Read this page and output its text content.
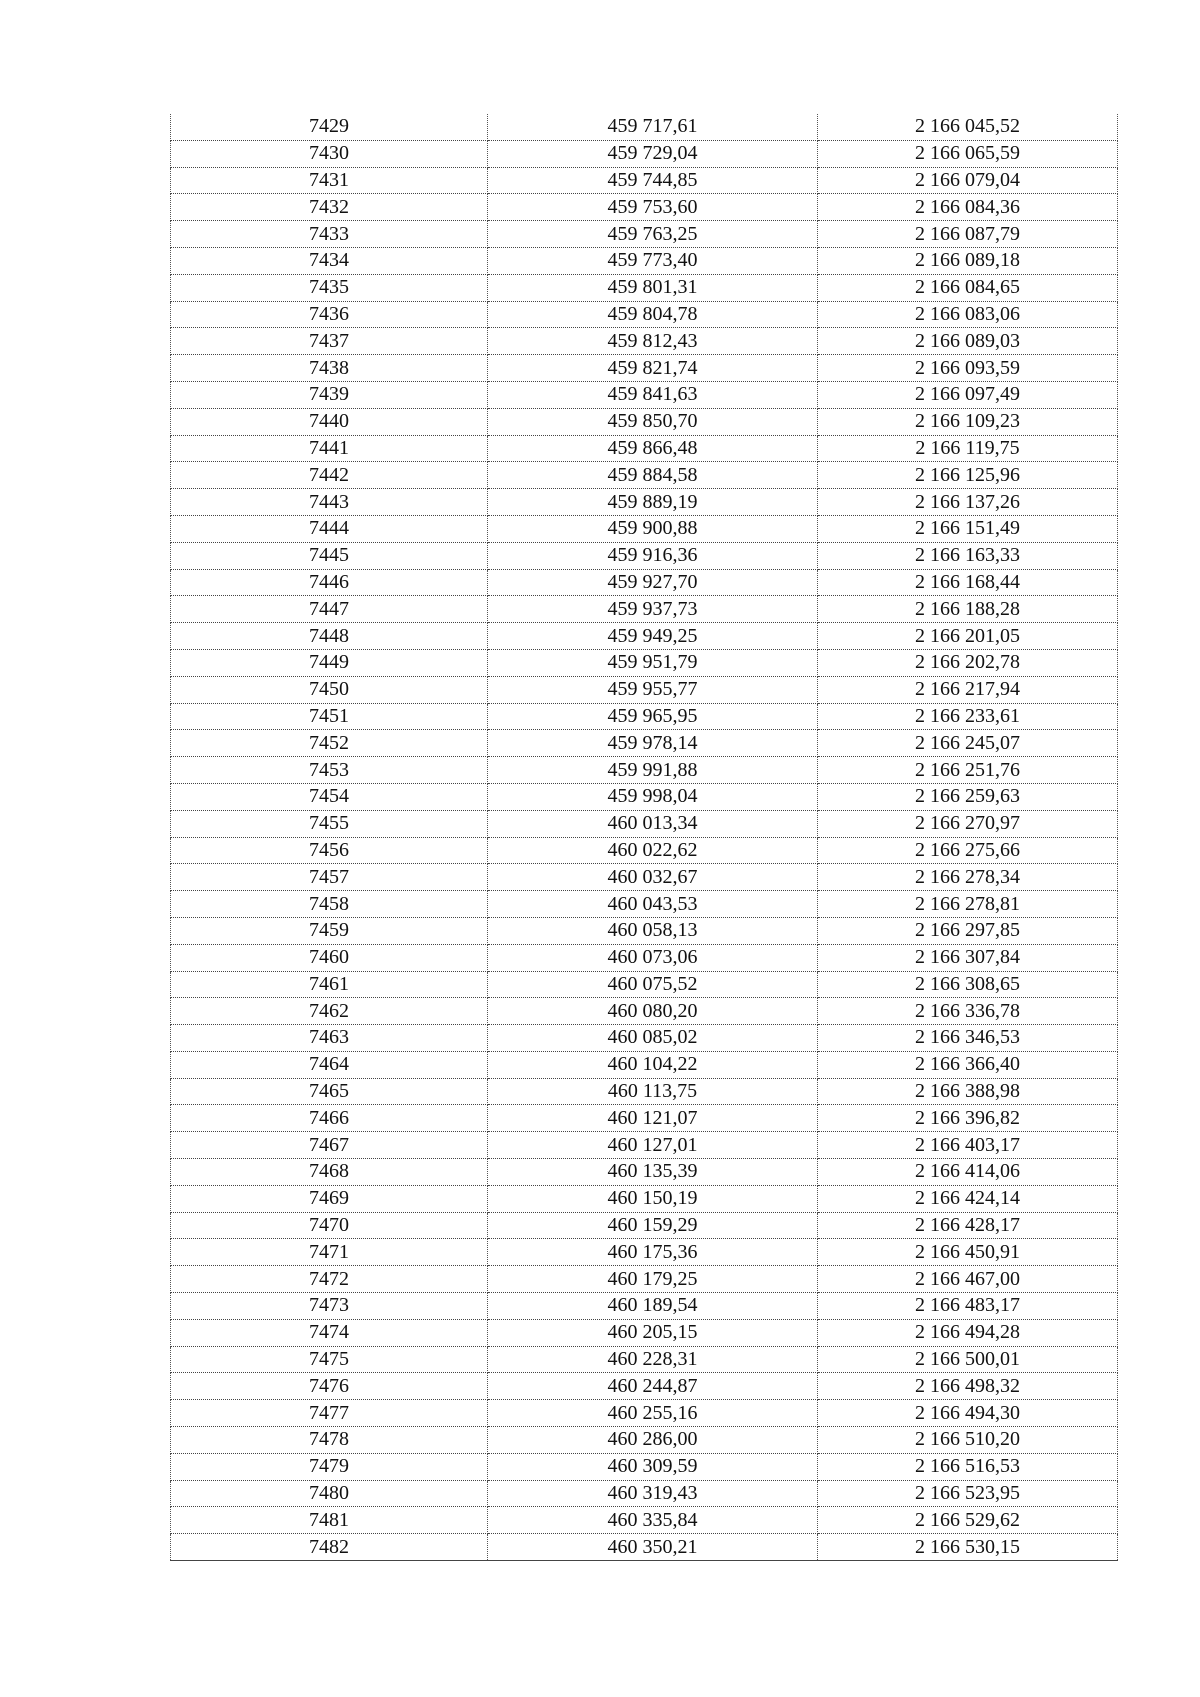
7429	459 717,61	2 166 045,52
7430	459 729,04	2 166 065,59
7431	459 744,85	2 166 079,04
7432	459 753,60	2 166 084,36
7433	459 763,25	2 166 087,79
7434	459 773,40	2 166 089,18
7435	459 801,31	2 166 084,65
7436	459 804,78	2 166 083,06
7437	459 812,43	2 166 089,03
7438	459 821,74	2 166 093,59
7439	459 841,63	2 166 097,49
7440	459 850,70	2 166 109,23
7441	459 866,48	2 166 119,75
7442	459 884,58	2 166 125,96
7443	459 889,19	2 166 137,26
7444	459 900,88	2 166 151,49
7445	459 916,36	2 166 163,33
7446	459 927,70	2 166 168,44
7447	459 937,73	2 166 188,28
7448	459 949,25	2 166 201,05
7449	459 951,79	2 166 202,78
7450	459 955,77	2 166 217,94
7451	459 965,95	2 166 233,61
7452	459 978,14	2 166 245,07
7453	459 991,88	2 166 251,76
7454	459 998,04	2 166 259,63
7455	460 013,34	2 166 270,97
7456	460 022,62	2 166 275,66
7457	460 032,67	2 166 278,34
7458	460 043,53	2 166 278,81
7459	460 058,13	2 166 297,85
7460	460 073,06	2 166 307,84
7461	460 075,52	2 166 308,65
7462	460 080,20	2 166 336,78
7463	460 085,02	2 166 346,53
7464	460 104,22	2 166 366,40
7465	460 113,75	2 166 388,98
7466	460 121,07	2 166 396,82
7467	460 127,01	2 166 403,17
7468	460 135,39	2 166 414,06
7469	460 150,19	2 166 424,14
7470	460 159,29	2 166 428,17
7471	460 175,36	2 166 450,91
7472	460 179,25	2 166 467,00
7473	460 189,54	2 166 483,17
7474	460 205,15	2 166 494,28
7475	460 228,31	2 166 500,01
7476	460 244,87	2 166 498,32
7477	460 255,16	2 166 494,30
7478	460 286,00	2 166 510,20
7479	460 309,59	2 166 516,53
7480	460 319,43	2 166 523,95
7481	460 335,84	2 166 529,62
7482	460 350,21	2 166 530,15
